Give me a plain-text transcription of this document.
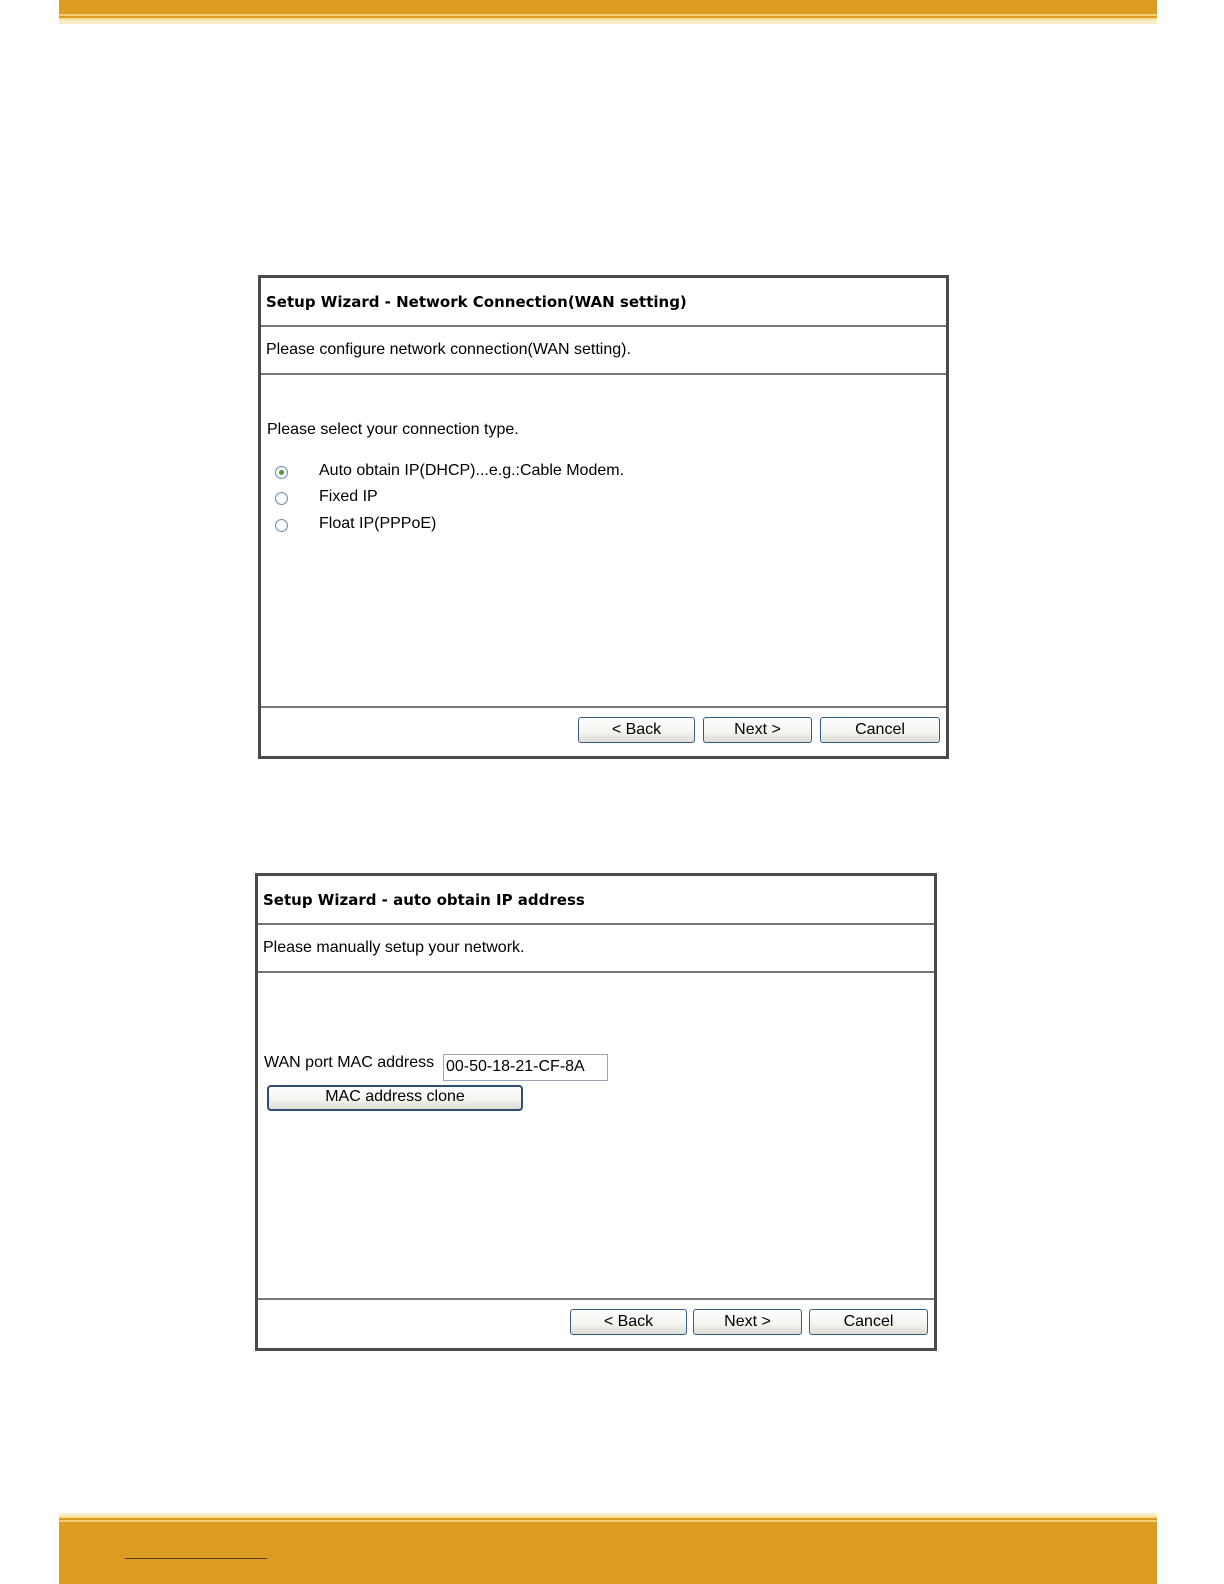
Setup Wizard - Network Connection(WAN setting)
Please configure network connection(WAN setting).
Please select your connection type.
Auto obtain IP(DHCP)...e.g.:Cable Modem.
Fixed IP
Float IP(PPPoE)
< Back	Next >	Cancel
Setup Wizard - auto obtain IP address
Please manually setup your network.
WAN port MAC address 00-50-18-21-CF-8A
MAC address clone
< Back	Next >	Cancel
